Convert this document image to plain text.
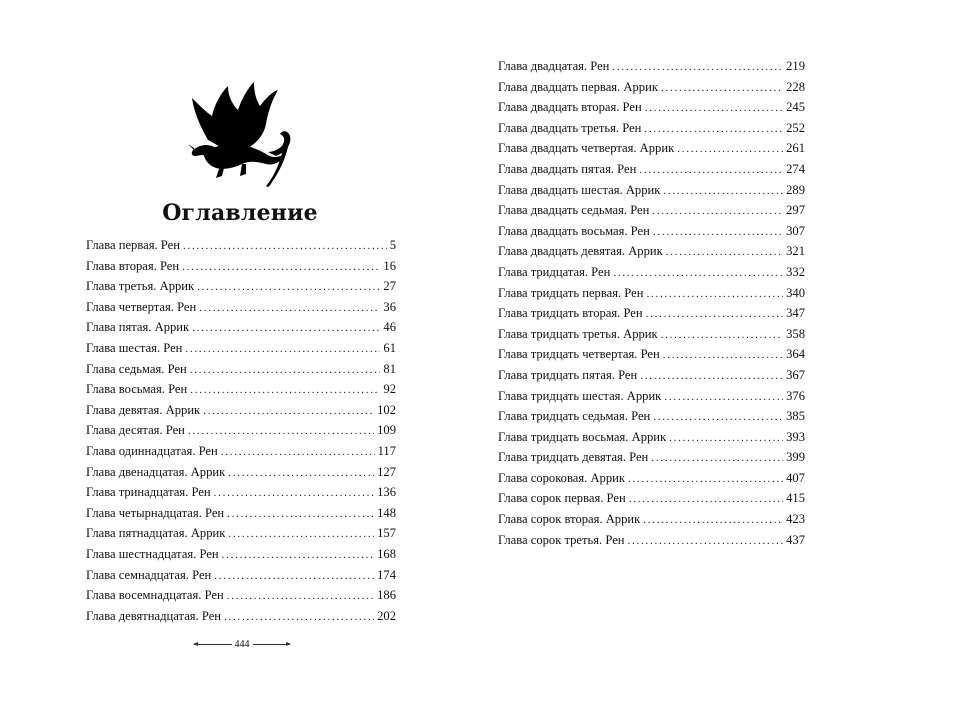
Оглавление
Глава первая. Рен . . .	5
Глава вторая. Рен . . .	16
Глава третья. Аррик . . .	27
Глава четвертая. Рен . . .	36
Глава пятая. Аррик . . .	46
Глава шестая. Рен . . .	61
Глава седьмая. Рен . . .	81
Глава восьмая. Рен . . .	92
Глава девятая. Аррик . . .	102
Глава десятая. Рен . . .	109
Глава одиннадцатая. Рен . . .	117
Глава двенадцатая. Аррик . . .	127
Глава тринадцатая. Рен . . .	136
Глава четырнадцатая. Рен . . .	148
Глава пятнадцатая. Аррик . . .	157
Глава шестнадцатая. Рен . . .	168
Глава семнадцатая. Рен . . .	174
Глава восемнадцатая. Рен . . .	186
Глава девятнадцатая. Рен . . .	202
Глава двадцатая. Рен . . .	219
Глава двадцать первая. Аррик . . .	228
Глава двадцать вторая. Рен . . .	245
Глава двадцать третья. Рен . . .	252
Глава двадцать четвертая. Аррик . . .	261
Глава двадцать пятая. Рен . . .	274
Глава двадцать шестая. Аррик . . .	289
Глава двадцать седьмая. Рен . . .	297
Глава двадцать восьмая. Рен . . .	307
Глава двадцать девятая. Аррик . . .	321
Глава тридцатая. Рен . . .	332
Глава тридцать первая. Рен . . .	340
Глава тридцать вторая. Рен . . .	347
Глава тридцать третья. Аррик . . .	358
Глава тридцать четвертая. Рен . . .	364
Глава тридцать пятая. Рен . . .	367
Глава тридцать шестая. Аррик . . .	376
Глава тридцать седьмая. Рен . . .	385
Глава тридцать восьмая. Аррик . . .	393
Глава тридцать девятая. Рен . . .	399
Глава сороковая. Аррик . . .	407
Глава сорок первая. Рен . . .	415
Глава сорок вторая. Аррик . . .	423
Глава сорок третья. Рен . . .	437
444
